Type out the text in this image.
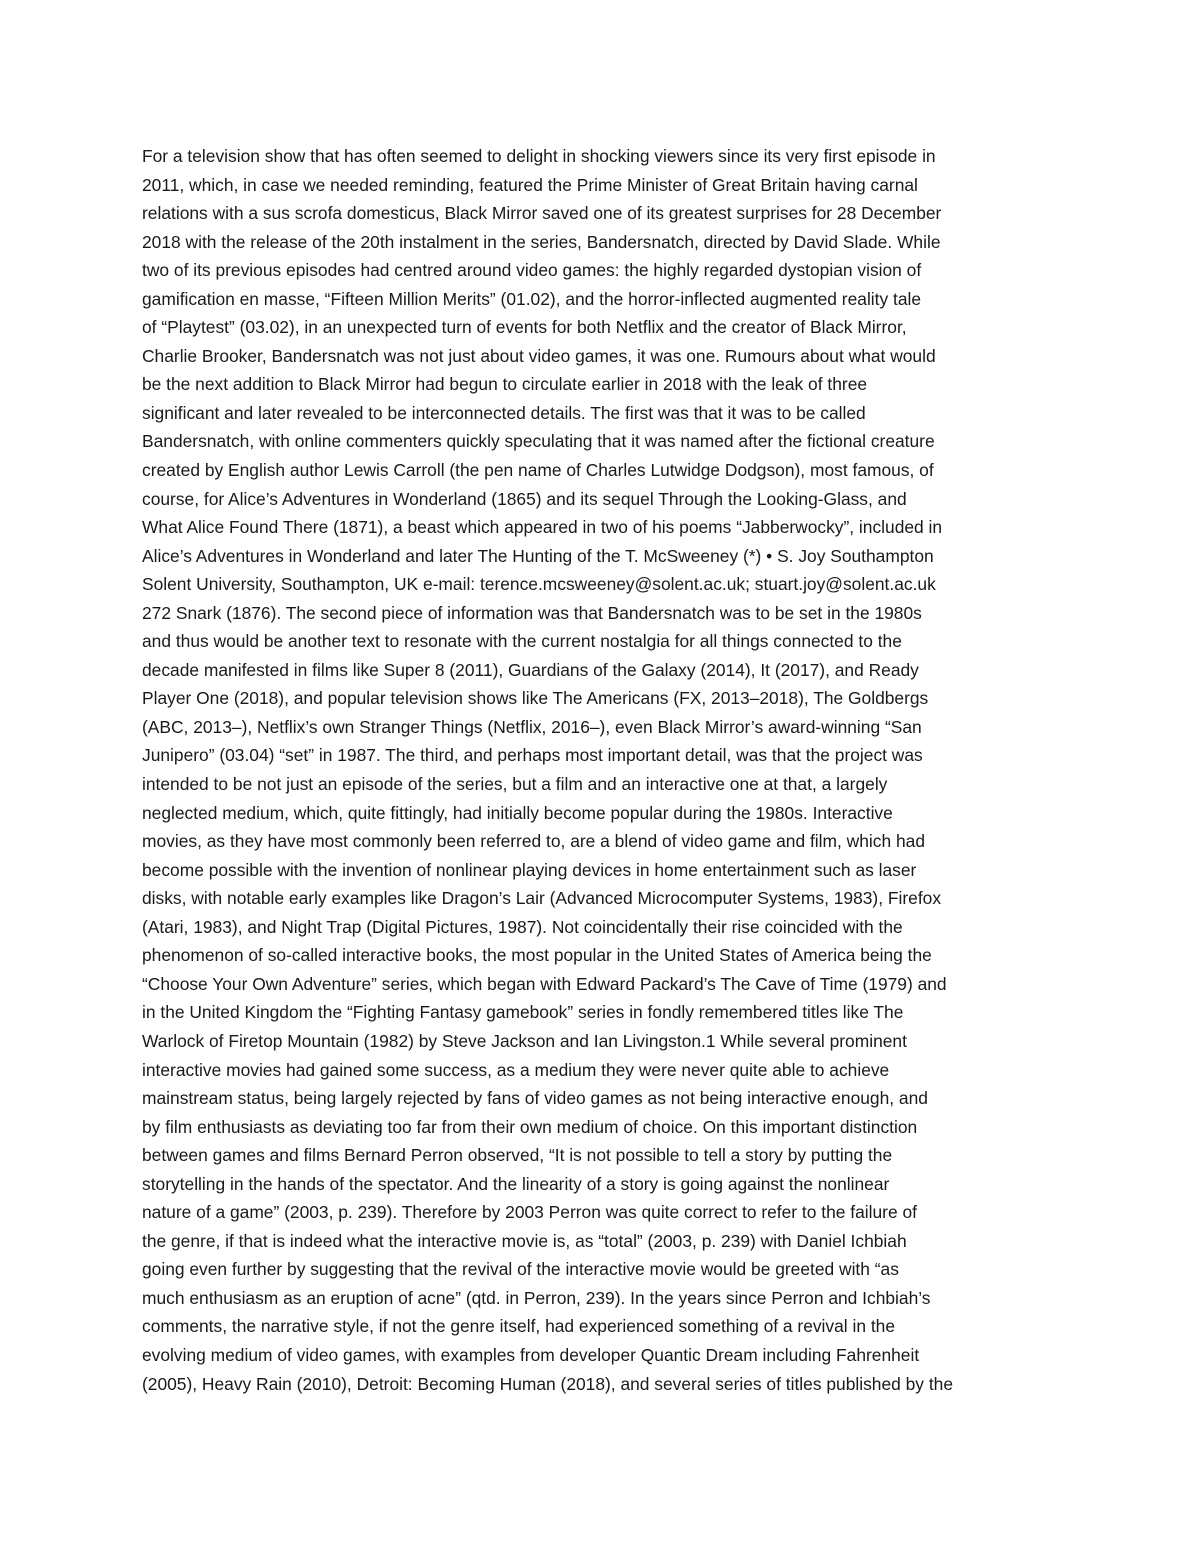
For a television show that has often seemed to delight in shocking viewers since its very first episode in
2011, which, in case we needed reminding, featured the Prime Minister of Great Britain having carnal
relations with a sus scrofa domesticus, Black Mirror saved one of its greatest surprises for 28 December
2018 with the release of the 20th instalment in the series, Bandersnatch, directed by David Slade. While
two of its previous episodes had centred around video games: the highly regarded dystopian vision of
gamification en masse, “Fifteen Million Merits” (01.02), and the horror-inflected augmented reality tale
of “Playtest” (03.02), in an unexpected turn of events for both Netflix and the creator of Black Mirror,
Charlie Brooker, Bandersnatch was not just about video games, it was one. Rumours about what would
be the next addition to Black Mirror had begun to circulate earlier in 2018 with the leak of three
significant and later revealed to be interconnected details. The first was that it was to be called
Bandersnatch, with online commenters quickly speculating that it was named after the fictional creature
created by English author Lewis Carroll (the pen name of Charles Lutwidge Dodgson), most famous, of
course, for Alice’s Adventures in Wonderland (1865) and its sequel Through the Looking-Glass, and
What Alice Found There (1871), a beast which appeared in two of his poems “Jabberwocky”, included in
Alice’s Adventures in Wonderland and later The Hunting of the T. McSweeney (*) • S. Joy Southampton
Solent University, Southampton, UK e-mail: terence.mcsweeney@solent.ac.uk; stuart.joy@solent.ac.uk
272 Snark (1876). The second piece of information was that Bandersnatch was to be set in the 1980s
and thus would be another text to resonate with the current nostalgia for all things connected to the
decade manifested in films like Super 8 (2011), Guardians of the Galaxy (2014), It (2017), and Ready
Player One (2018), and popular television shows like The Americans (FX, 2013–2018), The Goldbergs
(ABC, 2013–), Netflix’s own Stranger Things (Netflix, 2016–), even Black Mirror’s award-winning “San
Junipero” (03.04) “set” in 1987. The third, and perhaps most important detail, was that the project was
intended to be not just an episode of the series, but a film and an interactive one at that, a largely
neglected medium, which, quite fittingly, had initially become popular during the 1980s. Interactive
movies, as they have most commonly been referred to, are a blend of video game and film, which had
become possible with the invention of nonlinear playing devices in home entertainment such as laser
disks, with notable early examples like Dragon’s Lair (Advanced Microcomputer Systems, 1983), Firefox
(Atari, 1983), and Night Trap (Digital Pictures, 1987). Not coincidentally their rise coincided with the
phenomenon of so-called interactive books, the most popular in the United States of America being the
“Choose Your Own Adventure” series, which began with Edward Packard’s The Cave of Time (1979) and
in the United Kingdom the “Fighting Fantasy gamebook” series in fondly remembered titles like The
Warlock of Firetop Mountain (1982) by Steve Jackson and Ian Livingston.1 While several prominent
interactive movies had gained some success, as a medium they were never quite able to achieve
mainstream status, being largely rejected by fans of video games as not being interactive enough, and
by film enthusiasts as deviating too far from their own medium of choice. On this important distinction
between games and films Bernard Perron observed, “It is not possible to tell a story by putting the
storytelling in the hands of the spectator. And the linearity of a story is going against the nonlinear
nature of a game” (2003, p. 239). Therefore by 2003 Perron was quite correct to refer to the failure of
the genre, if that is indeed what the interactive movie is, as “total” (2003, p. 239) with Daniel Ichbiah
going even further by suggesting that the revival of the interactive movie would be greeted with “as
much enthusiasm as an eruption of acne” (qtd. in Perron, 239). In the years since Perron and Ichbiah’s
comments, the narrative style, if not the genre itself, had experienced something of a revival in the
evolving medium of video games, with examples from developer Quantic Dream including Fahrenheit
(2005), Heavy Rain (2010), Detroit: Becoming Human (2018), and several series of titles published by the
